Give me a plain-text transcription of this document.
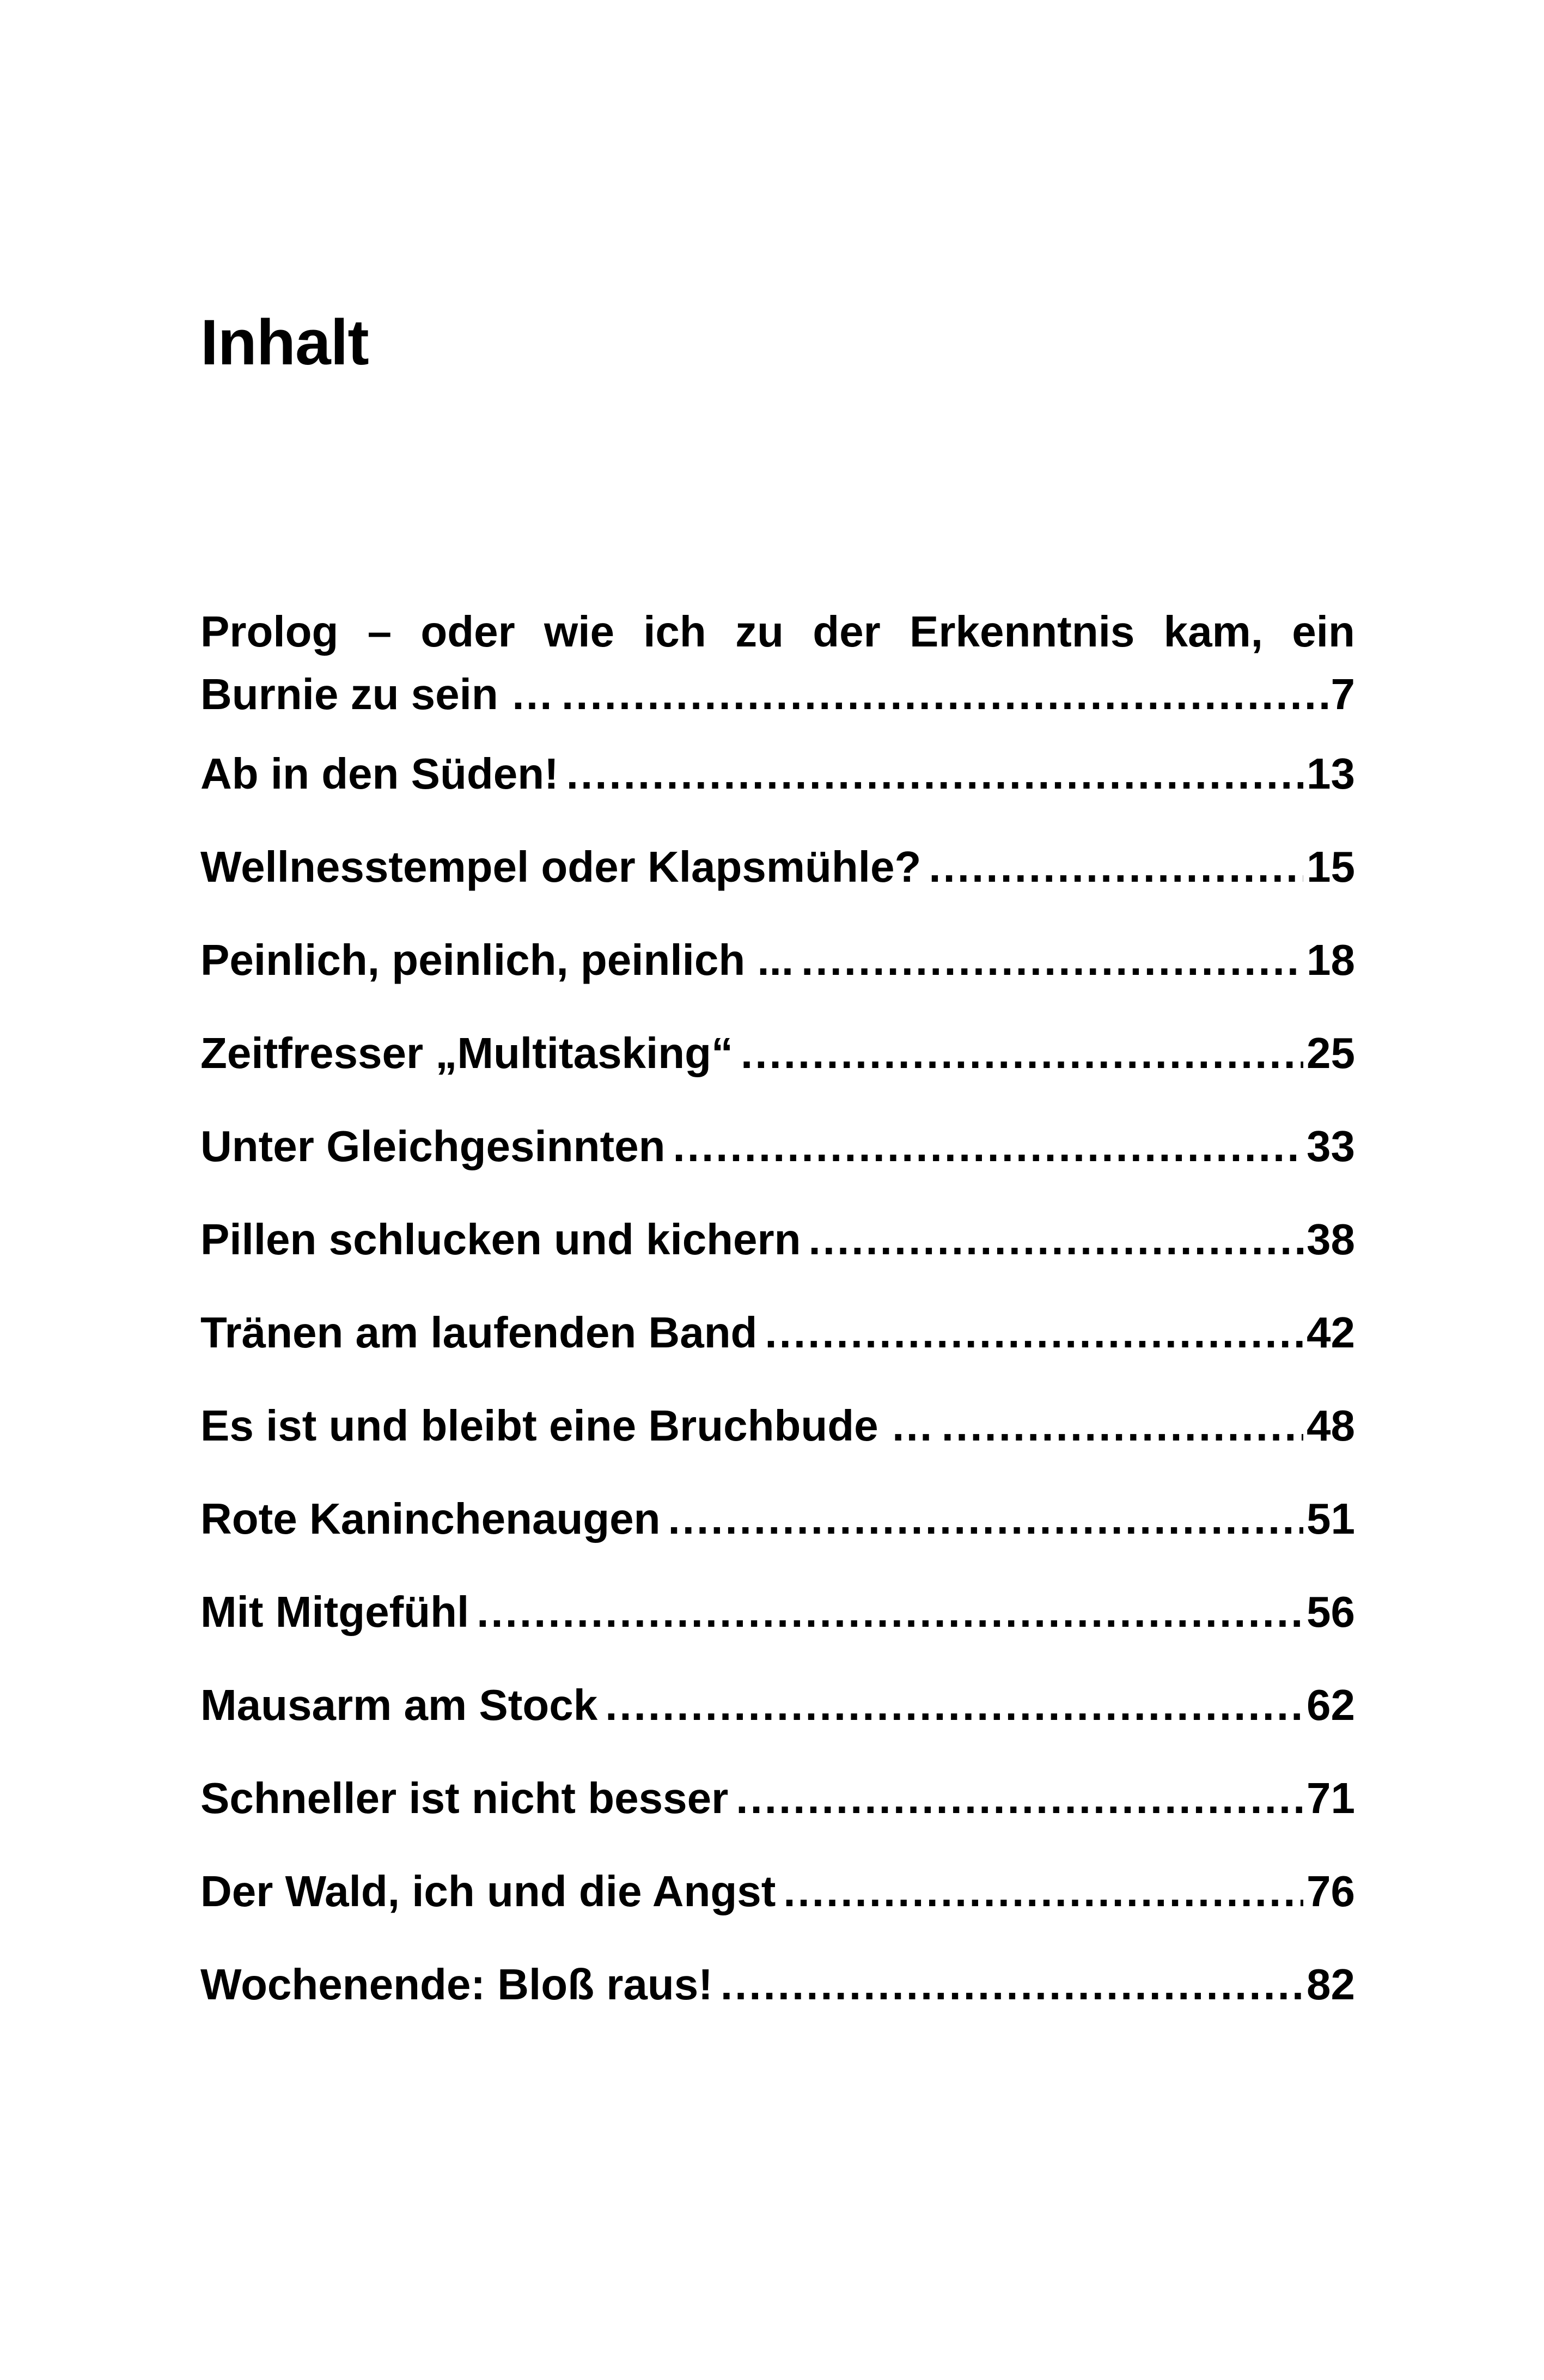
Inhalt
Prolog – oder wie ich zu der Erkenntnis kam, ein
Burnie zu sein … .....	7
Ab in den Süden! .....	13
Wellnesstempel oder Klapsmühle? .....	15
Peinlich, peinlich, peinlich ... .....	18
Zeitfresser „Multitasking“ .....	25
Unter Gleichgesinnten .....	33
Pillen schlucken und kichern .....	38
Tränen am laufenden Band .....	42
Es ist und bleibt eine Bruchbude … .....	48
Rote Kaninchenaugen .....	51
Mit Mitgefühl .....	56
Mausarm am Stock .....	62
Schneller ist nicht besser .....	71
Der Wald, ich und die Angst .....	76
Wochenende: Bloß raus! .....	82
